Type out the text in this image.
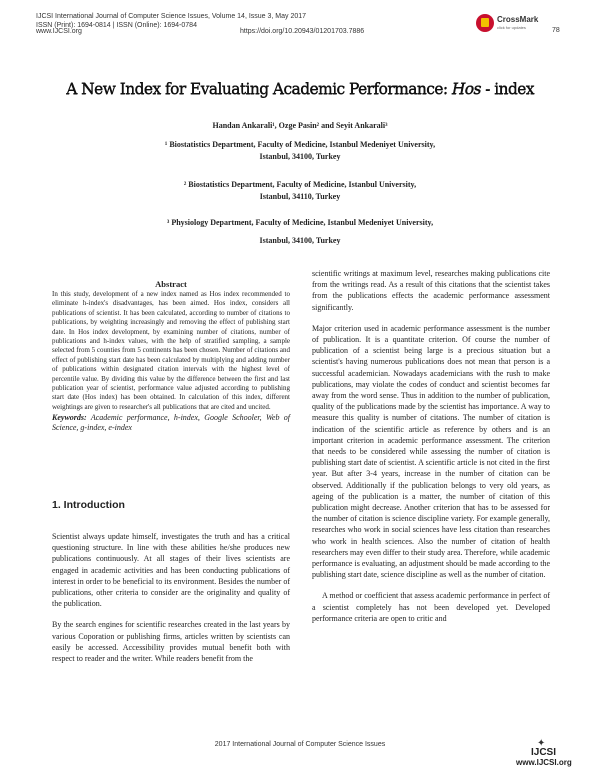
IJCSI International Journal of Computer Science Issues, Volume 14, Issue 3, May 2017
ISSN (Print): 1694-0814 | ISSN (Online): 1694-0784
www.IJCSI.org	https://doi.org/10.20943/01201703.7886
CrossMark
click for updates	78
A New Index for Evaluating Academic Performance: Hos - index
Handan Ankarali¹, Ozge Pasin² and Seyit Ankarali³
¹ Biostatistics Department, Faculty of Medicine, Istanbul Medeniyet University,
Istanbul, 34100, Turkey
² Biostatistics Department, Faculty of Medicine, Istanbul University,
Istanbul, 34110, Turkey
³ Physiology Department, Faculty of Medicine, Istanbul Medeniyet University,
Istanbul, 34100, Turkey
Abstract
In this study, development of a new index named as Hos index recommended to eliminate h-index's disadvantages, has been aimed. Hos index, considers all publications of scientist. It has been calculated, according to number of citations to publications, by weighting increasingly and removing the effect of publishing start date. In Hos index development, by examining number of citations, number of publications and h-index values, with the help of stratified sampling, a sample selected from 5 counties from 5 continents has been chosen. Number of citations and effect of publishing start date has been calculated by multiplying and adding number of publications within designated citation intervals with the highest level of percentile value. By dividing this value by the difference between the first and last publication year of scientist, performance value adjusted according to publishing start date (Hos index) has been obtained. In calculation of this index, different weightings are given to researcher's all publications that are cited and uncited.
Keywords: Academic performance, h-index, Google Schooler, Web of Science, g-index, e-index
1. Introduction

Scientist always update himself, investigates the truth and has a critical questioning structure. In line with these abilities he/she produces new publications continuously. At all stages of their lives scientists are engaged in academic activities and has been conducting publications of interest in order to be beneficial to its environment. Besides the number of publications, other criteria to consider are the originality and quality of the publication.

By the search engines for scientific researches created in the last years by various Coporation or publishing firms, articles written by scientists can easily be accessed. Accessibility provides mutual benefit both with respect to reader and the writer. While readers benefit from the

scientific writings at maximum level, researches making publications cite from the writings read. As a result of this citations that the scientist takes from the publications effects the academic performance assessment significantly.

Major criterion used in academic performance assessment is the number of publication. It is a quantitate criterion. Of course the number of publication of a scientist being large is a precious situation but a scientist's having numerous publications does not mean that person is a successful academician. Nowadays academicians with the rush to make publications, may violate the codes of conduct and scientist becomes far away from the word sense. Thus in addition to the number of publication, quality of the publications made by the scientist has importance. A way to measure this quality is number of citations. The number of citation is indication of the scientific article as reference by others and is an important criterion in academic performance assessment. The criterion that needs to be considered while assessing the number of citation is publishing start date of scientist. A scientific article is not cited in the first year. But after 3-4 years, increase in the number of citation can be observed. Additionally if the publication belongs to very old years, as ageing of the publication is a matter, the number of citation of this publication might decrease. Another criterion that has to be assessed for the number of citation is science discipline variety. For example generally, researches who work in social sciences have less citation than researches who work in health sciences. Also the number of citation of health researchers may even differ to their study area. Therefore, while academic performance is evaluating, an adjustment should be made according to the publishing start date, science discipline as well as the number of citation.

A method or coefficient that assess academic performance in perfect of a scientist completely has not been developed yet. Developed performance criteria are open to critic and

2017 International Journal of Computer Science Issues	✦
IJCSI
www.IJCSI.org
